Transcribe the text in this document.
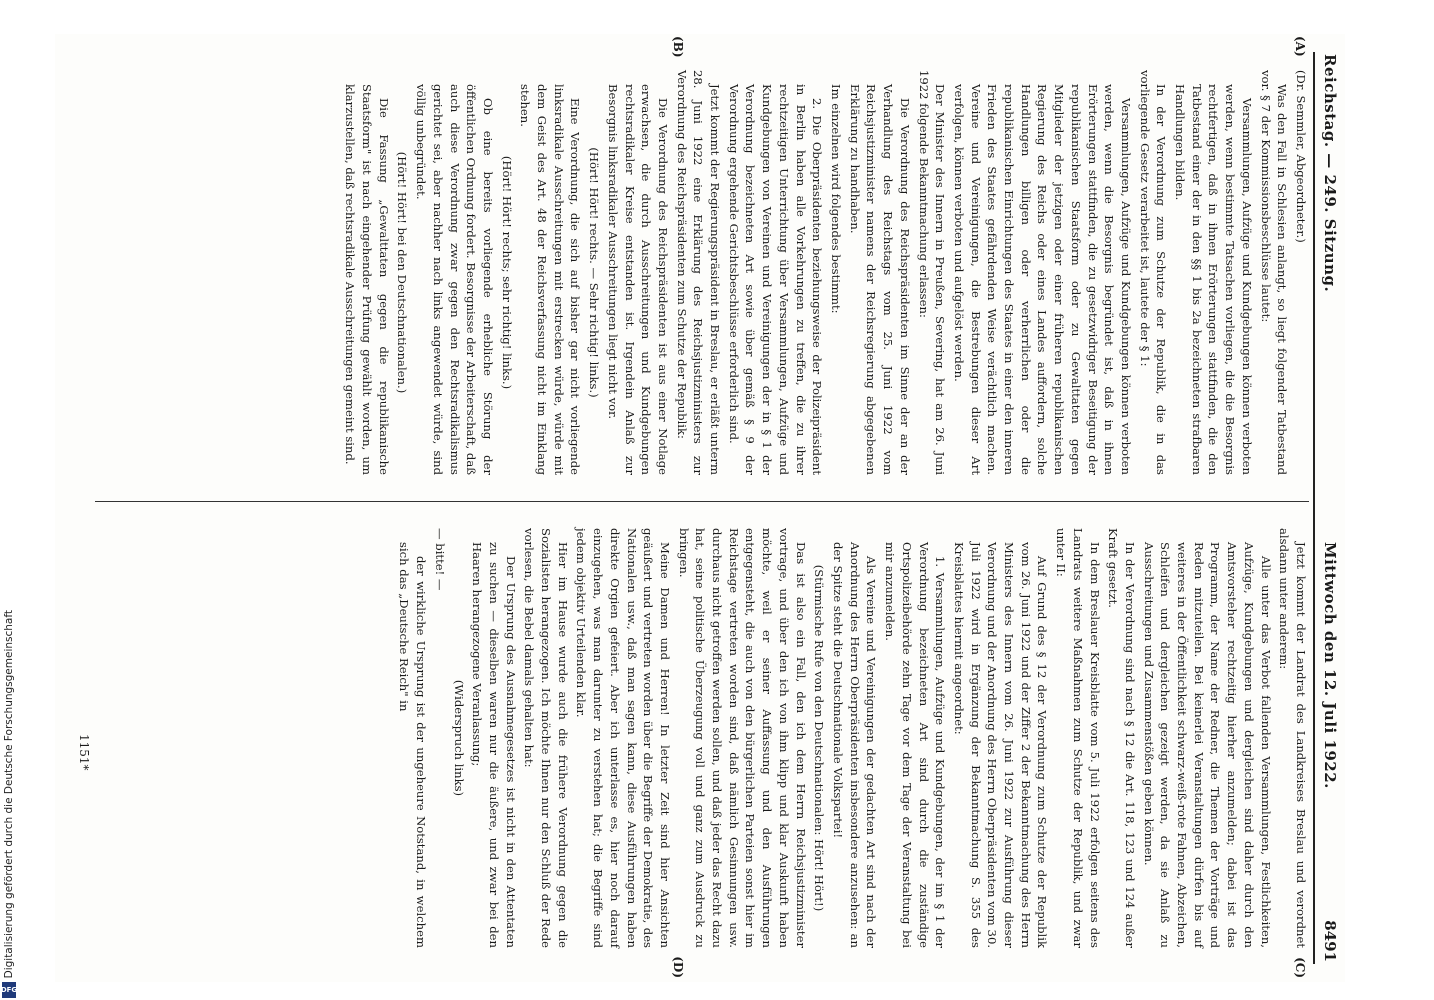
Reichstag. — 249. Sitzung.
Mittwoch den 12. Juli 1922.
8491
(A)
(B)
(C)
(D)

(Dr. Semmler, Abgeordneter.)

Was den Fall in Schlesien anlangt, so liegt folgender Tatbestand vor. § 7 der Kommissionsbeschlüsse lautet:

Versammlungen, Aufzüge und Kundgebungen können verboten werden, wenn bestimmte Tatsachen vorliegen, die die Besorgnis rechtfertigen, daß in ihnen Erörterungen stattfinden, die den Tatbestand einer der in den §§ 1 bis 2a bezeichneten strafbaren Handlungen bilden.

In der Verordnung zum Schutze der Republik, die in das vorliegende Gesetz verarbeitet ist, lautete der § 1:

Versammlungen, Aufzüge und Kundgebungen können verboten werden, wenn die Besorgnis begründet ist, daß in ihnen Erörterungen stattfinden, die zu gesetzwidriger Beseitigung der republikanischen Staatsform oder zu Gewalttaten gegen Mitglieder der jetzigen oder einer früheren republikanischen Regierung des Reichs oder eines Landes auffordern, solche Handlungen billigen oder verherrlichen oder die republikanischen Einrichtungen des Staates in einer den inneren Frieden des Staates gefährdenden Weise verächtlich machen. Vereine und Vereinigungen, die Bestrebungen dieser Art verfolgen, können verboten und aufgelöst werden.

Der Minister des Innern in Preußen, Severing, hat am 26. Juni 1922 folgende Bekanntmachung erlassen:

Die Verordnung des Reichspräsidenten im Sinne der an der Verhandlung des Reichstags vom 25. Juni 1922 vom Reichsjustizminister namens der Reichsregierung abgegebenen Erklärung zu handhaben.

Im einzelnen wird folgendes bestimmt:

2. Die Oberpräsidenten beziehungsweise der Polizeipräsident in Berlin haben alle Vorkehrungen zu treffen, die zu ihrer rechtzeitigen Unterrichtung über Versammlungen, Aufzüge und Kundgebungen von Vereinen und Vereinigungen der in § 1 der Verordnung bezeichneten Art sowie über gemäß § 9 der Verordnung ergehende Gerichtsbeschlüsse erforderlich sind.

Jetzt kommt der Regierungspräsident in Breslau, er erläßt unterm 28. Juni 1922 eine Erklärung des Reichsjustizministers zur Verordnung des Reichspräsidenten zum Schutze der Republik:

Die Verordnung des Reichspräsidenten ist aus einer Notlage erwachsen, die durch Ausschreitungen und Kundgebungen rechtsradikaler Kreise entstanden ist. Irgendein Anlaß zur Besorgnis linksradikaler Ausschreitungen liegt nicht vor.

(Hört! Hört! rechts. — Sehr richtig! links.)

Eine Verordnung, die sich auf bisher gar nicht vorliegende linksradikale Ausschreitungen mit erstrecken würde, würde mit dem Geist des Art. 48 der Reichsverfassung nicht im Einklang stehen.

(Hört! Hört! rechts; sehr richtig! links.)

Ob eine bereits vorliegende erhebliche Störung der öffentlichen Ordnung fordert. Besorgnisse der Arbeiterschaft, daß auch diese Verordnung zwar gegen den Rechtsradikalismus gerichtet sei, aber nachher nach links angewendet würde, sind völlig unbegründet.

(Hört! Hört! bei den Deutschnationalen.)

Die Fassung „Gewalttaten gegen die republikanische Staatsform" ist nach eingehender Prüfung gewählt worden, um klarzustellen, daß rechtsradikale Ausschreitungen gemeint sind.

Jetzt kommt der Landrat des Landkreises Breslau und verordnet alsdann unter anderem:

Alle unter das Verbot fallenden Versammlungen, Festlichkeiten, Aufzüge, Kundgebungen und dergleichen sind daher durch den Amtsvorsteher rechtzeitig hierher anzumelden; dabei ist das Programm, der Name der Redner, die Themen der Vorträge und Reden mitzuteilen. Bei keinerlei Veranstaltungen dürfen bis auf weiteres in der Öffentlichkeit schwarz-weiß-rote Fahnen, Abzeichen, Schleifen und dergleichen gezeigt werden, da sie Anlaß zu Ausschreitungen und Zusammenstößen geben können.

In der Verordnung sind nach § 12 die Art. 118, 123 und 124 außer Kraft gesetzt.

In dem Breslauer Kreisblatte vom 5. Juli 1922 erfolgen seitens des Landrats weitere Maßnahmen zum Schutze der Republik, und zwar unter II:

Auf Grund des § 12 der Verordnung zum Schutze der Republik vom 26. Juni 1922 und der Ziffer 2 der Bekanntmachung des Herrn Ministers des Innern vom 26. Juni 1922 zur Ausführung dieser Verordnung und der Anordnung des Herrn Oberpräsidenten vom 30. Juli 1922 wird in Ergänzung der Bekanntmachung S. 355 des Kreisblattes hiermit angeordnet:

1. Versammlungen, Aufzüge und Kundgebungen, der im § 1 der Verordnung bezeichneten Art sind durch die zuständige Ortspolizeibehörde zehn Tage vor dem Tage der Veranstaltung bei mir anzumelden.

Als Vereine und Vereinigungen der gedachten Art sind nach der Anordnung des Herrn Oberpräsidenten insbesondere anzusehen: an der Spitze steht die Deutschnationale Volkspartei!

(Stürmische Rufe von den Deutschnationalen: Hört! Hört!)

Das ist also ein Fall, den ich dem Herrn Reichsjustizminister vortrage, und über den ich von ihm klipp und klar Auskunft haben möchte, weil er seiner Auffassung und den Ausführungen entgegensteht, die auch von den bürgerlichen Parteien sonst hier im Reichstage vertreten worden sind, daß nämlich Gesinnungen usw. durchaus nicht getroffen werden sollen, und daß jeder das Recht dazu hat, seine politische Überzeugung voll und ganz zum Ausdruck zu bringen.

Meine Damen und Herren! In letzter Zeit sind hier Ansichten geäußert und vertreten worden über die Begriffe der Demokratie, des Nationalen usw., daß man sagen kann, diese Ausführungen haben direkte Orgien gefeiert. Aber ich unterlasse es, hier noch darauf einzugehen, was man darunter zu verstehen hat; die Begriffe sind jedem objektiv Urteilenden klar.

Hier im Hause wurde auch die frühere Verordnung gegen die Sozialisten herangezogen. Ich möchte Ihnen nur den Schluß der Rede vorlesen, die Bebel damals gehalten hat:

Der Ursprung des Ausnahmegesetzes ist nicht in den Attentaten zu suchen — dieselben waren nur die äußere, und zwar bei den Haaren herangezogene Veranlassung;

(Widerspruch links)

— bitte! —

der wirkliche Ursprung ist der ungeheure Notstand, in welchem sich das „Deutsche Reich" in

1151*
Digitalisierung gefördert durch die Deutsche Forschungsgemeinschaft
DFG
